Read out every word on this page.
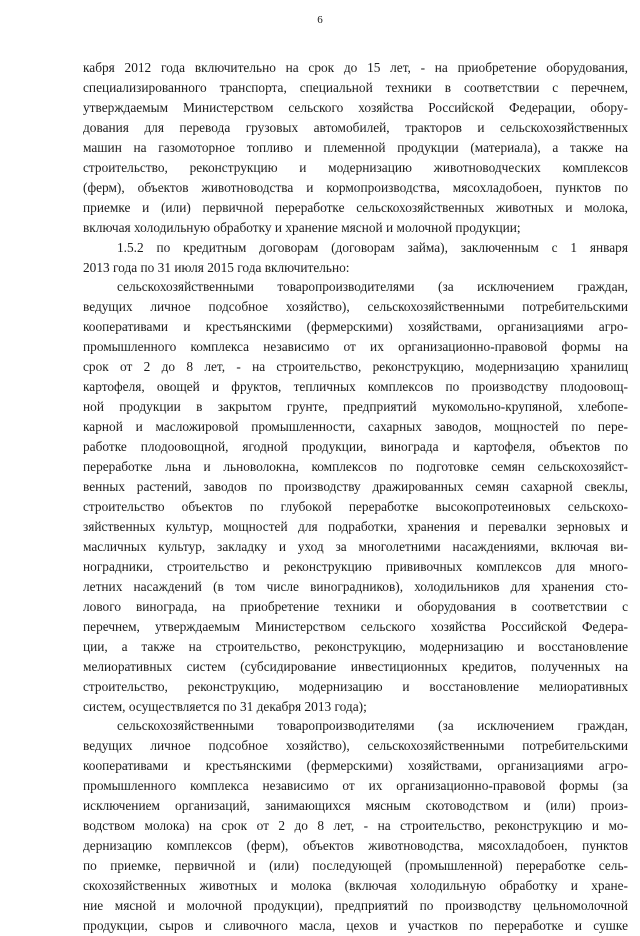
6
кабря 2012 года включительно на срок до 15 лет, - на приобретение оборудования,
специализированного транспорта, специальной техники в соответствии с перечнем,
утверждаемым Министерством сельского хозяйства Российской Федерации, обору-
дования для перевода грузовых автомобилей, тракторов и сельскохозяйственных
машин на газомоторное топливо и племенной продукции (материала), а также на
строительство, реконструкцию и модернизацию животноводческих комплексов
(ферм), объектов животноводства и кормопроизводства, мясохладобоен, пунктов по
приемке и (или) первичной переработке сельскохозяйственных животных и молока,
включая холодильную обработку и хранение мясной и молочной продукции;
1.5.2 по кредитным договорам (договорам займа), заключенным с 1 января
2013 года по 31 июля 2015 года включительно:
сельскохозяйственными товаропроизводителями (за исключением граждан,
ведущих личное подсобное хозяйство), сельскохозяйственными потребительскими
кооперативами и крестьянскими (фермерскими) хозяйствами, организациями агро-
промышленного комплекса независимо от их организационно-правовой формы на
срок от 2 до 8 лет, - на строительство, реконструкцию, модернизацию хранилищ
картофеля, овощей и фруктов, тепличных комплексов по производству плодоовощ-
ной продукции в закрытом грунте, предприятий мукомольно-крупяной, хлебопе-
карной и масложировой промышленности, сахарных заводов, мощностей по пере-
работке плодоовощной, ягодной продукции, винограда и картофеля, объектов по
переработке льна и льноволокна, комплексов по подготовке семян сельскохозяйст-
венных растений, заводов по производству дражированных семян сахарной свеклы,
строительство объектов по глубокой переработке высокопротеиновых сельскохо-
зяйственных культур, мощностей для подработки, хранения и перевалки зерновых и
масличных культур, закладку и уход за многолетними насаждениями, включая ви-
ноградники, строительство и реконструкцию прививочных комплексов для много-
летних насаждений (в том числе виноградников), холодильников для хранения сто-
лового винограда, на приобретение техники и оборудования в соответствии с
перечнем, утверждаемым Министерством сельского хозяйства Российской Федера-
ции, а также на строительство, реконструкцию, модернизацию и восстановление
мелиоративных систем (субсидирование инвестиционных кредитов, полученных на
строительство, реконструкцию, модернизацию и восстановление мелиоративных
систем, осуществляется по 31 декабря 2013 года);
сельскохозяйственными товаропроизводителями (за исключением граждан,
ведущих личное подсобное хозяйство), сельскохозяйственными потребительскими
кооперативами и крестьянскими (фермерскими) хозяйствами, организациями агро-
промышленного комплекса независимо от их организационно-правовой формы (за
исключением организаций, занимающихся мясным скотоводством и (или) произ-
водством молока) на срок от 2 до 8 лет, - на строительство, реконструкцию и мо-
дернизацию комплексов (ферм), объектов животноводства, мясохладобоен, пунктов
по приемке, первичной и (или) последующей (промышленной) переработке сель-
скохозяйственных животных и молока (включая холодильную обработку и хране-
ние мясной и молочной продукции), предприятий по производству цельномолочной
продукции, сыров и сливочного масла, цехов и участков по переработке и сушке
